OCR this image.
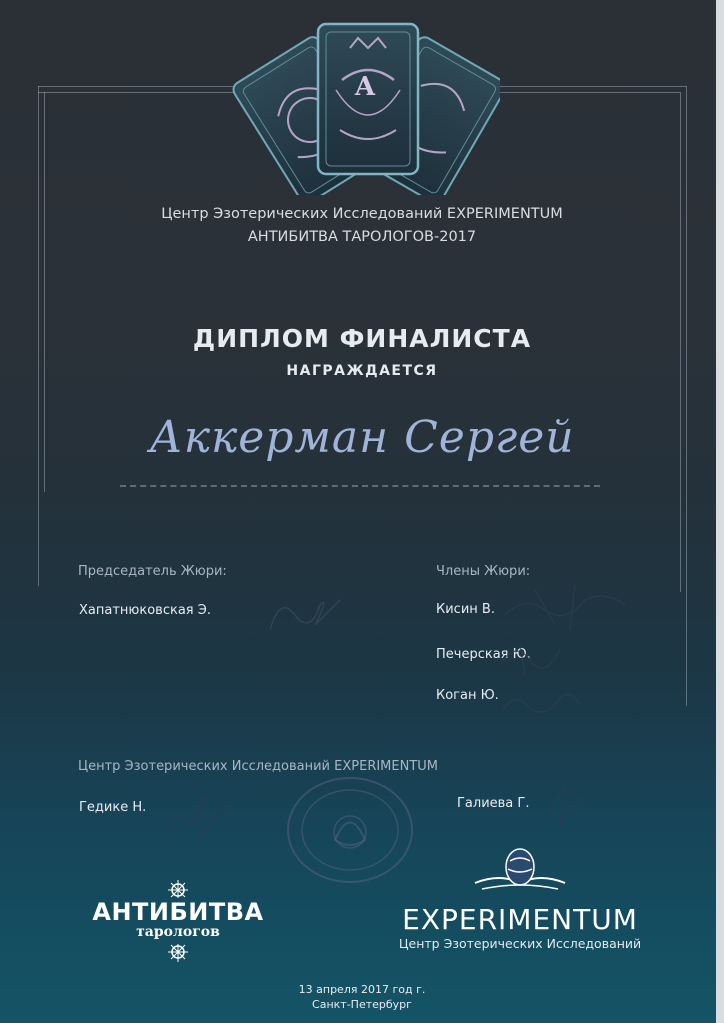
A
Центр Эзотерических Исследований EXPERIMENTUM
АНТИБИТВА ТАРОЛОГОВ-2017
ДИПЛОМ ФИНАЛИСТА
НАГРАЖДАЕТСЯ
Аккерман Сергей
Председатель Жюри:
Хапатнюковская Э.
Члены Жюри:
Кисин В.
Печерская Ю.
Коган Ю.
Центр Эзотерических Исследований EXPERIMENTUM
Гедике Н.	Галиева Г.
АНТИБИТВА
тарологов	EXPERIMENTUM
Центр Эзотерических Исследований
13 апреля 2017 год г.
Санкт-Петербург
